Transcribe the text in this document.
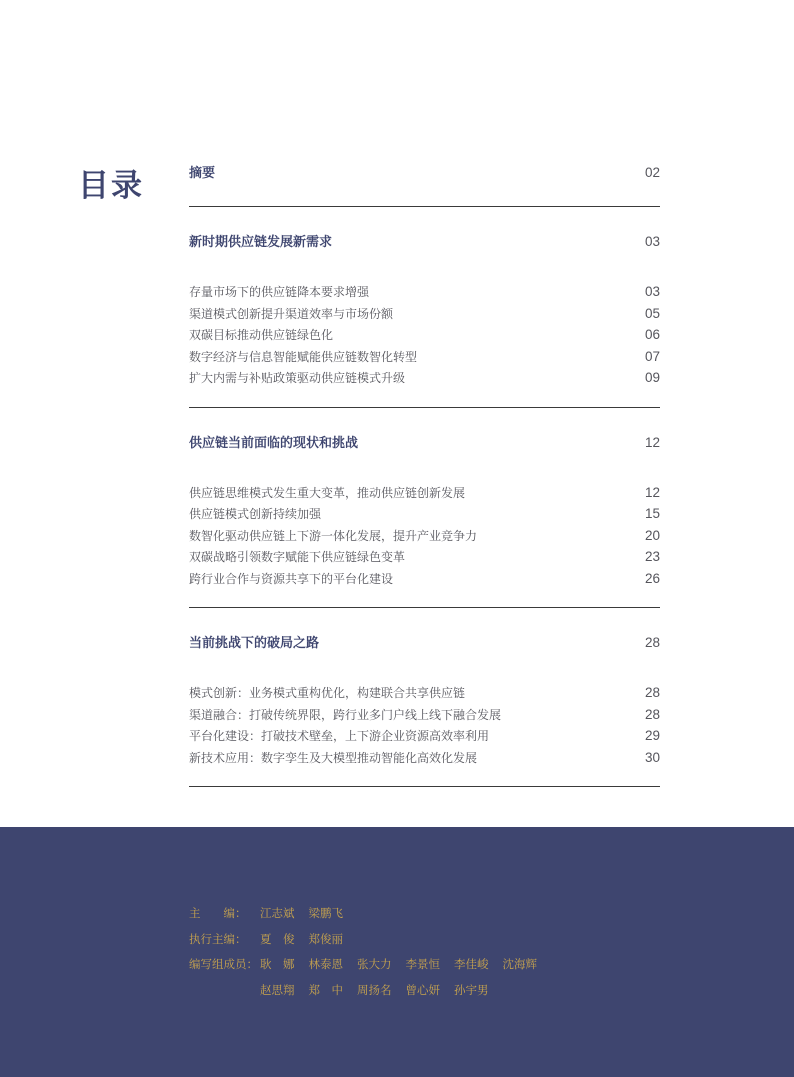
目录	摘要	02
新时期供应链发展新需求	03
存量市场下的供应链降本要求增强	03
渠道模式创新提升渠道效率与市场份额	05
双碳目标推动供应链绿色化	06
数字经济与信息智能赋能供应链数智化转型	07
扩大内需与补贴政策驱动供应链模式升级	09
供应链当前面临的现状和挑战	12
供应链思维模式发生重大变革，推动供应链创新发展	12
供应链模式创新持续加强	15
数智化驱动供应链上下游一体化发展，提升产业竞争力	20
双碳战略引领数字赋能下供应链绿色变革	23
跨行业合作与资源共享下的平台化建设	26
当前挑战下的破局之路	28
模式创新：业务模式重构优化，构建联合共享供应链	28
渠道融合：打破传统界限，跨行业多门户线上线下融合发展	28
平台化建设：打破技术壁垒，上下游企业资源高效率利用	29
新技术应用：数字孪生及大模型推动智能化高效化发展	30
主　　编：	江志斌 梁鹏飞
执行主编：	夏　俊 郑俊丽
编写组成员： 耿　娜 林泰恩 张大力 李景恒 李佳峻 沈海辉
赵思翔 郑　中 周扬名 曾心妍 孙宇男
